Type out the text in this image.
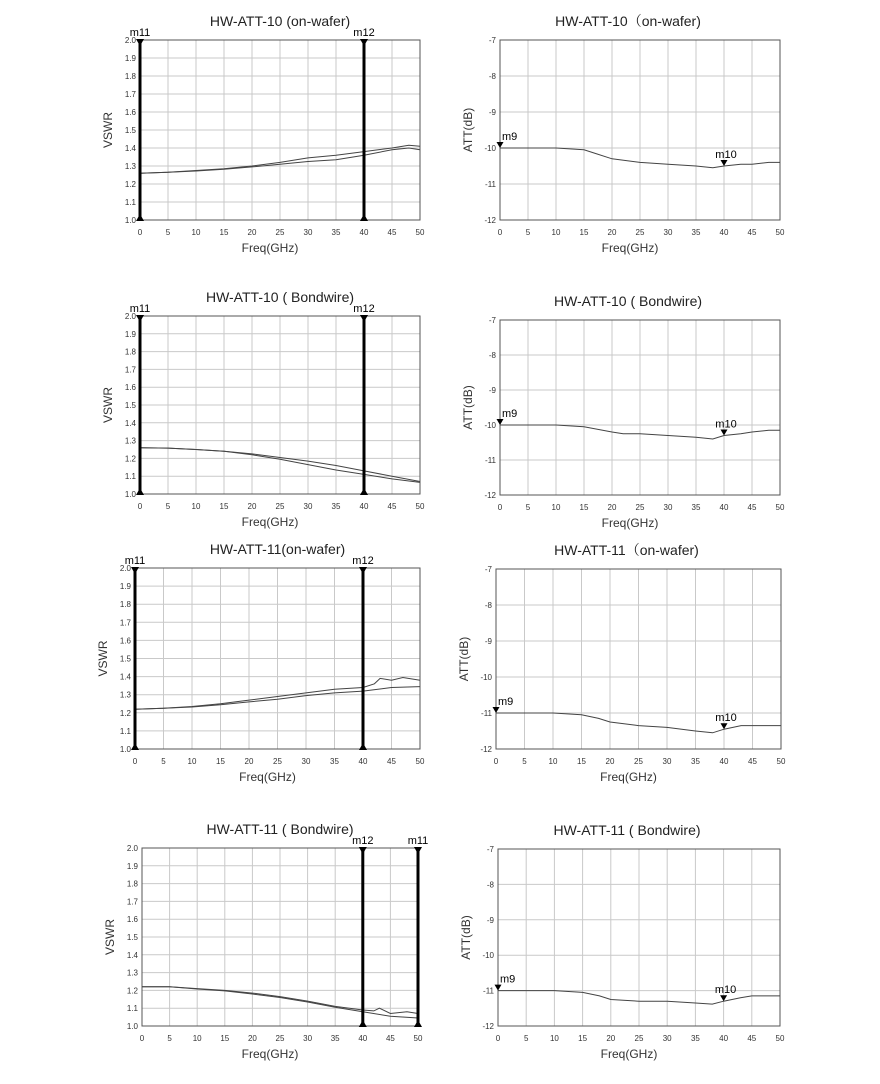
HW-ATT-10 (on-wafer)
0	5	10 15 20 25 30 35 40 45 50
1.0
1.1
1.2
1.3
1.4
1.5
1.6
1.7
1.8
1.9
2.0
Freq(GHz)
VSWR
m11	m12
HW-ATT-10（on-wafer)
0	5	10 15 20 25 30 35 40 45 50
-12
-11
-10
-9
-8
-7
Freq(GHz)
ATT(dB) m9
m10
HW-ATT-10 ( Bondwire)
0	5	10 15 20 25 30 35 40 45 50
1.0
1.1
1.2
1.3
1.4
1.5
1.6
1.7
1.8
1.9
2.0
Freq(GHz)
VSWR
m11	m12	HW-ATT-10 ( Bondwire)
0	5	10 15 20 25 30 35 40 45 50
-12
-11
-10
-9
-8
-7
Freq(GHz)
ATT(dB) m9
m10
HW-ATT-11(on-wafer)
0	5	10 15 20 25 30 35 40 45 50
1.0
1.1
1.2
1.3
1.4
1.5
1.6
1.7
1.8
1.9
2.0
Freq(GHz)
VSWR
m11	m12
HW-ATT-11（on-wafer)
0	5	10 15 20 25 30 35 40 45 50
-12
-11
-10
-9
-8
-7
Freq(GHz)
ATT(dB)
m9
m10
HW-ATT-11 ( Bondwire)
0	5	10 15 20 25 30 35 40 45 50
1.0
1.1
1.2
1.3
1.4
1.5
1.6
1.7
1.8
1.9
2.0
Freq(GHz)
VSWR
m12	m11
HW-ATT-11 ( Bondwire)
0	5	10 15 20 25 30 35 40 45 50
-12
-11
-10
-9
-8
-7
Freq(GHz)
ATT(dB)
m9
m10
